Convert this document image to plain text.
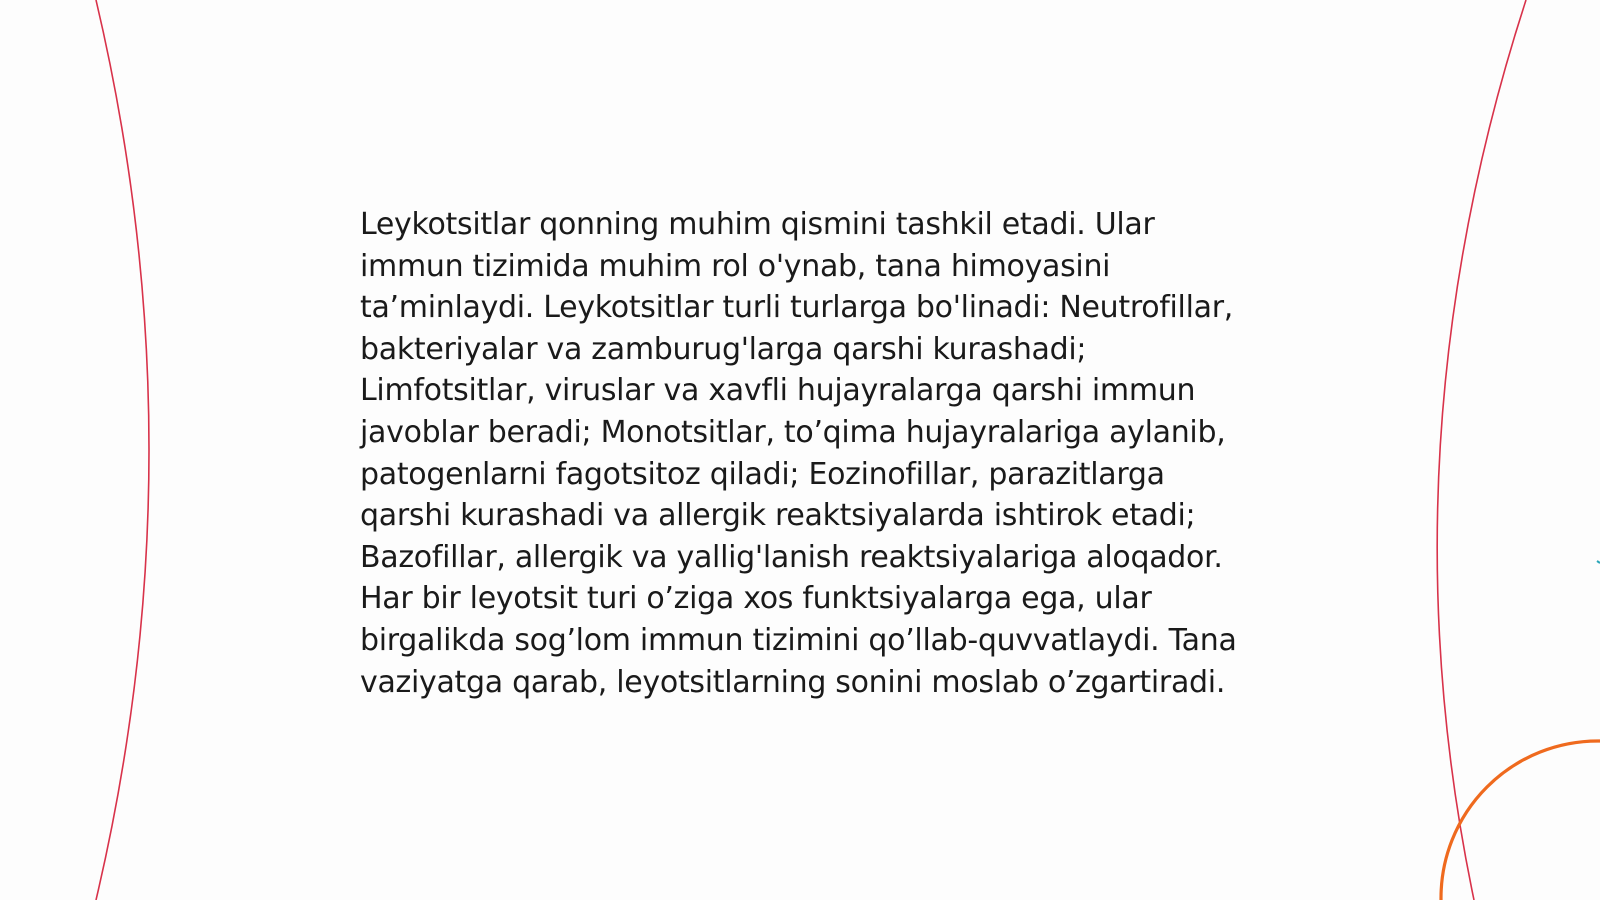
Leykotsitlar qonning muhim qismini tashkil etadi. Ular immun tizimida muhim rol o'ynab, tana himoyasini ta’minlaydi. Leykotsitlar turli turlarga bo'linadi: Neutrofillar, bakteriyalar va zamburug'larga qarshi kurashadi; Limfotsitlar, viruslar va xavfli hujayralarga qarshi immun javoblar beradi; Monotsitlar, to’qima hujayralariga aylanib, patogenlarni fagotsitoz qiladi; Eozinofillar, parazitlarga qarshi kurashadi va allergik reaktsiyalarda ishtirok etadi; Bazofillar, allergik va yallig'lanish reaktsiyalariga aloqador. Har bir leyotsit turi o’ziga xos funktsiyalarga ega, ular birgalikda sog’lom immun tizimini qo’llab-quvvatlaydi. Tana vaziyatga qarab, leyotsitlarning sonini moslab o’zgartiradi.
